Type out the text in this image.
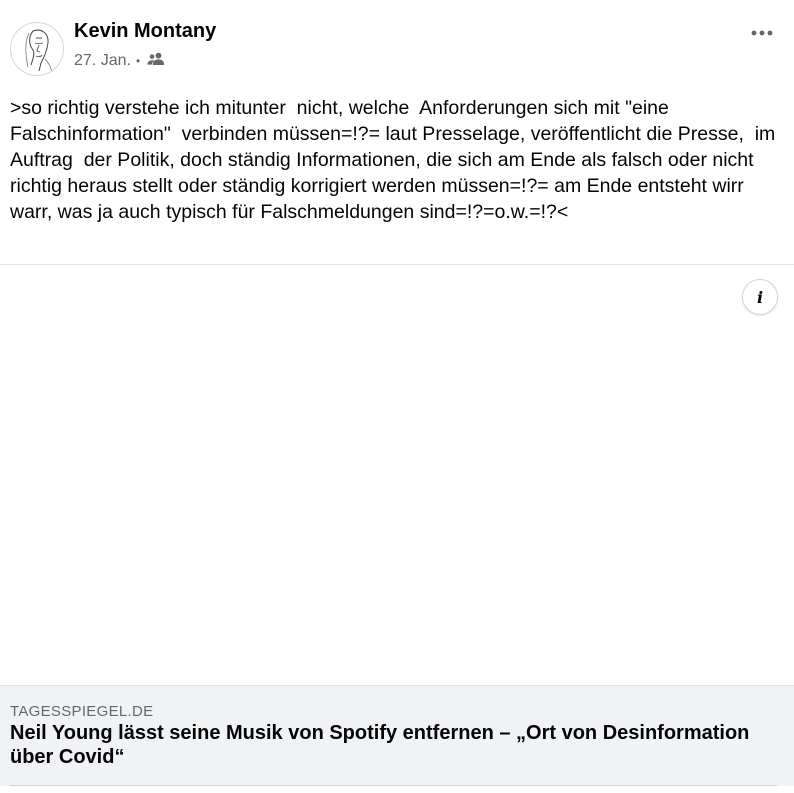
Kevin Montany
27. Jan. •
>so richtig verstehe ich mitunter  nicht, welche  Anforderungen sich mit "eine Falschinformation"  verbinden müssen=!?= laut Presselage, veröffentlicht die Presse,  im Auftrag  der Politik, doch ständig Informationen, die sich am Ende als falsch oder nicht richtig heraus stellt oder ständig korrigiert werden müssen=!?= am Ende entsteht wirr warr, was ja auch typisch für Falschmeldungen sind=!?=o.w.=!?<
i
TAGESSPIEGEL.DE
Neil Young lässt seine Musik von Spotify entfernen – „Ort von Desinformation über Covid“
